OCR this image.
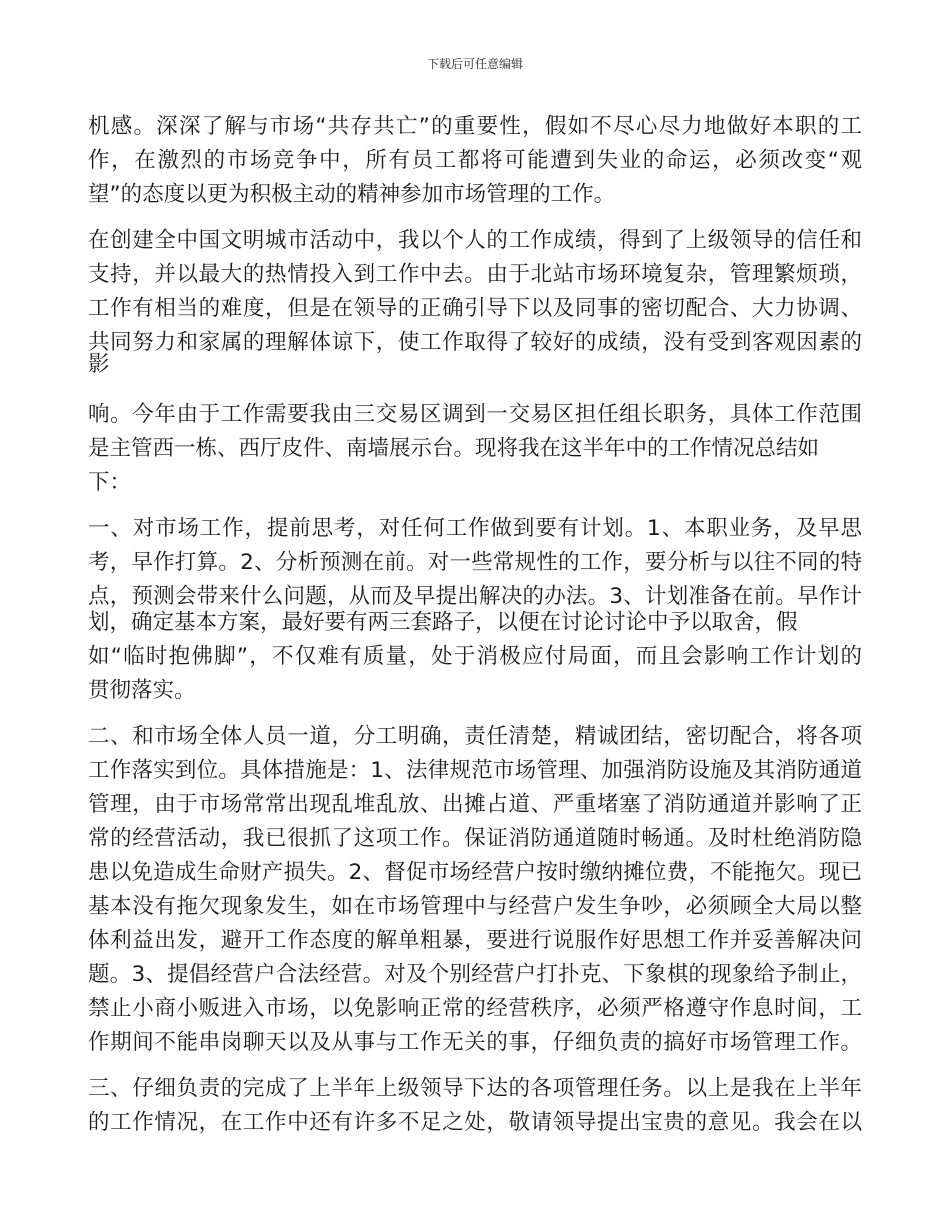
下载后可任意编辑
机感。深深了解与市场“共存共亡”的重要性，假如不尽心尽力地做好本职的工
作，在激烈的市场竞争中，所有员工都将可能遭到失业的命运，必须改变“观
望”的态度以更为积极主动的精神参加市场管理的工作。
在创建全中国文明城市活动中，我以个人的工作成绩，得到了上级领导的信任和
支持，并以最大的热情投入到工作中去。由于北站市场环境复杂，管理繁烦琐，
工作有相当的难度，但是在领导的正确引导下以及同事的密切配合、大力协调、
共同努力和家属的理解体谅下，使工作取得了较好的成绩，没有受到客观因素的
影
响。今年由于工作需要我由三交易区调到一交易区担任组长职务，具体工作范围
是主管西一栋、西厅皮件、南墙展示台。现将我在这半年中的工作情况总结如
下：
一、对市场工作，提前思考，对任何工作做到要有计划。1、本职业务，及早思
考，早作打算。2、分析预测在前。对一些常规性的工作，要分析与以往不同的特
点，预测会带来什么问题，从而及早提出解决的办法。3、计划准备在前。早作计
划，确定基本方案，最好要有两三套路子，以便在讨论讨论中予以取舍，假
如“临时抱佛脚”，不仅难有质量，处于消极应付局面，而且会影响工作计划的
贯彻落实。
二、和市场全体人员一道，分工明确，责任清楚，精诚团结，密切配合，将各项
工作落实到位。具体措施是：1、法律规范市场管理、加强消防设施及其消防通道
管理，由于市场常常出现乱堆乱放、出摊占道、严重堵塞了消防通道并影响了正
常的经营活动，我已很抓了这项工作。保证消防通道随时畅通。及时杜绝消防隐
患以免造成生命财产损失。2、督促市场经营户按时缴纳摊位费，不能拖欠。现已
基本没有拖欠现象发生，如在市场管理中与经营户发生争吵，必须顾全大局以整
体利益出发，避开工作态度的解单粗暴，要进行说服作好思想工作并妥善解决问
题。3、提倡经营户合法经营。对及个别经营户打扑克、下象棋的现象给予制止，
禁止小商小贩进入市场，以免影响正常的经营秩序，必须严格遵守作息时间，工
作期间不能串岗聊天以及从事与工作无关的事，仔细负责的搞好市场管理工作。
三、仔细负责的完成了上半年上级领导下达的各项管理任务。以上是我在上半年
的工作情况，在工作中还有许多不足之处，敬请领导提出宝贵的意见。我会在以
